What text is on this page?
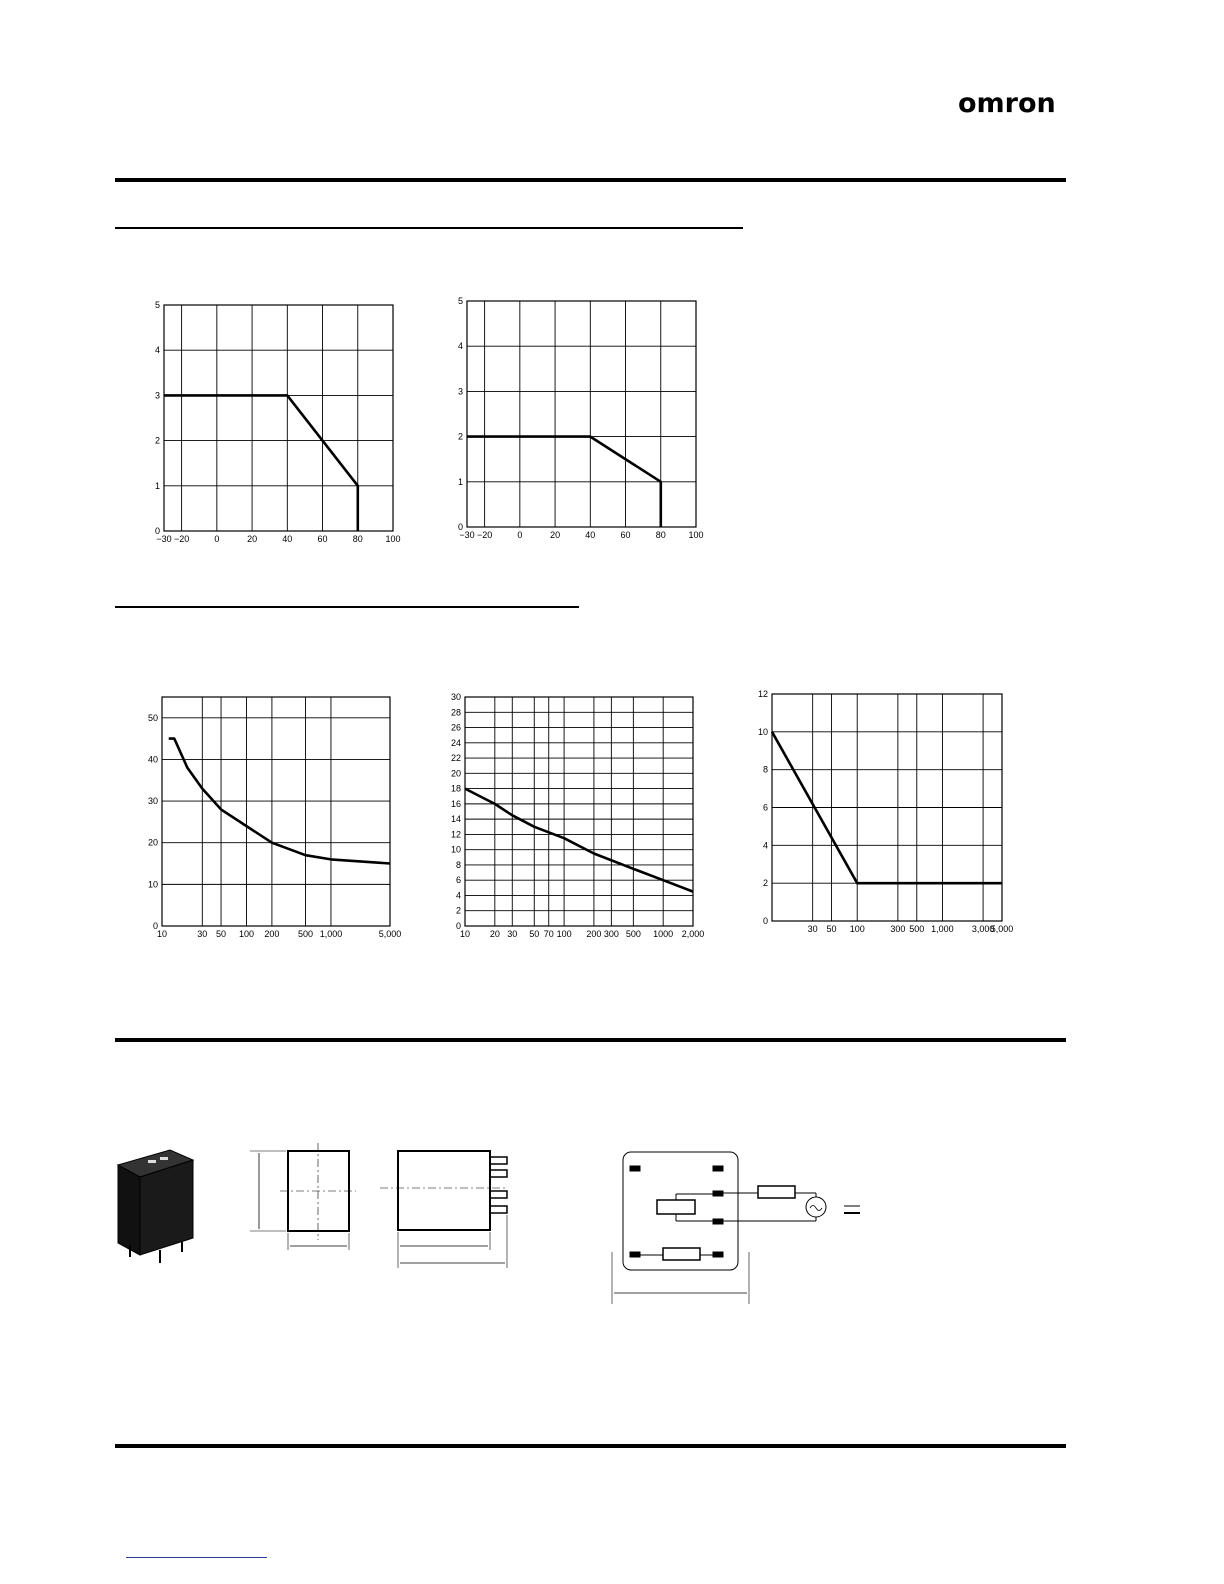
omron
−30 −20	0	20	40	60	80	100
0
1
2
3
4
5
−30 −20	0	20	40	60	80	100
0
1
2
3
4
5
10	30 50 100 200 500 1,000	5,000
0
10
20
30
40
50
10 20 30 50 70 100 200 300 500 1000 2,000
0
2
4
6
8
10
12
14
16
18
20
22
24
26
28
30
30 50 100	300 500 1,000 3,000
5,000
0
2
4
6
8
10
12
